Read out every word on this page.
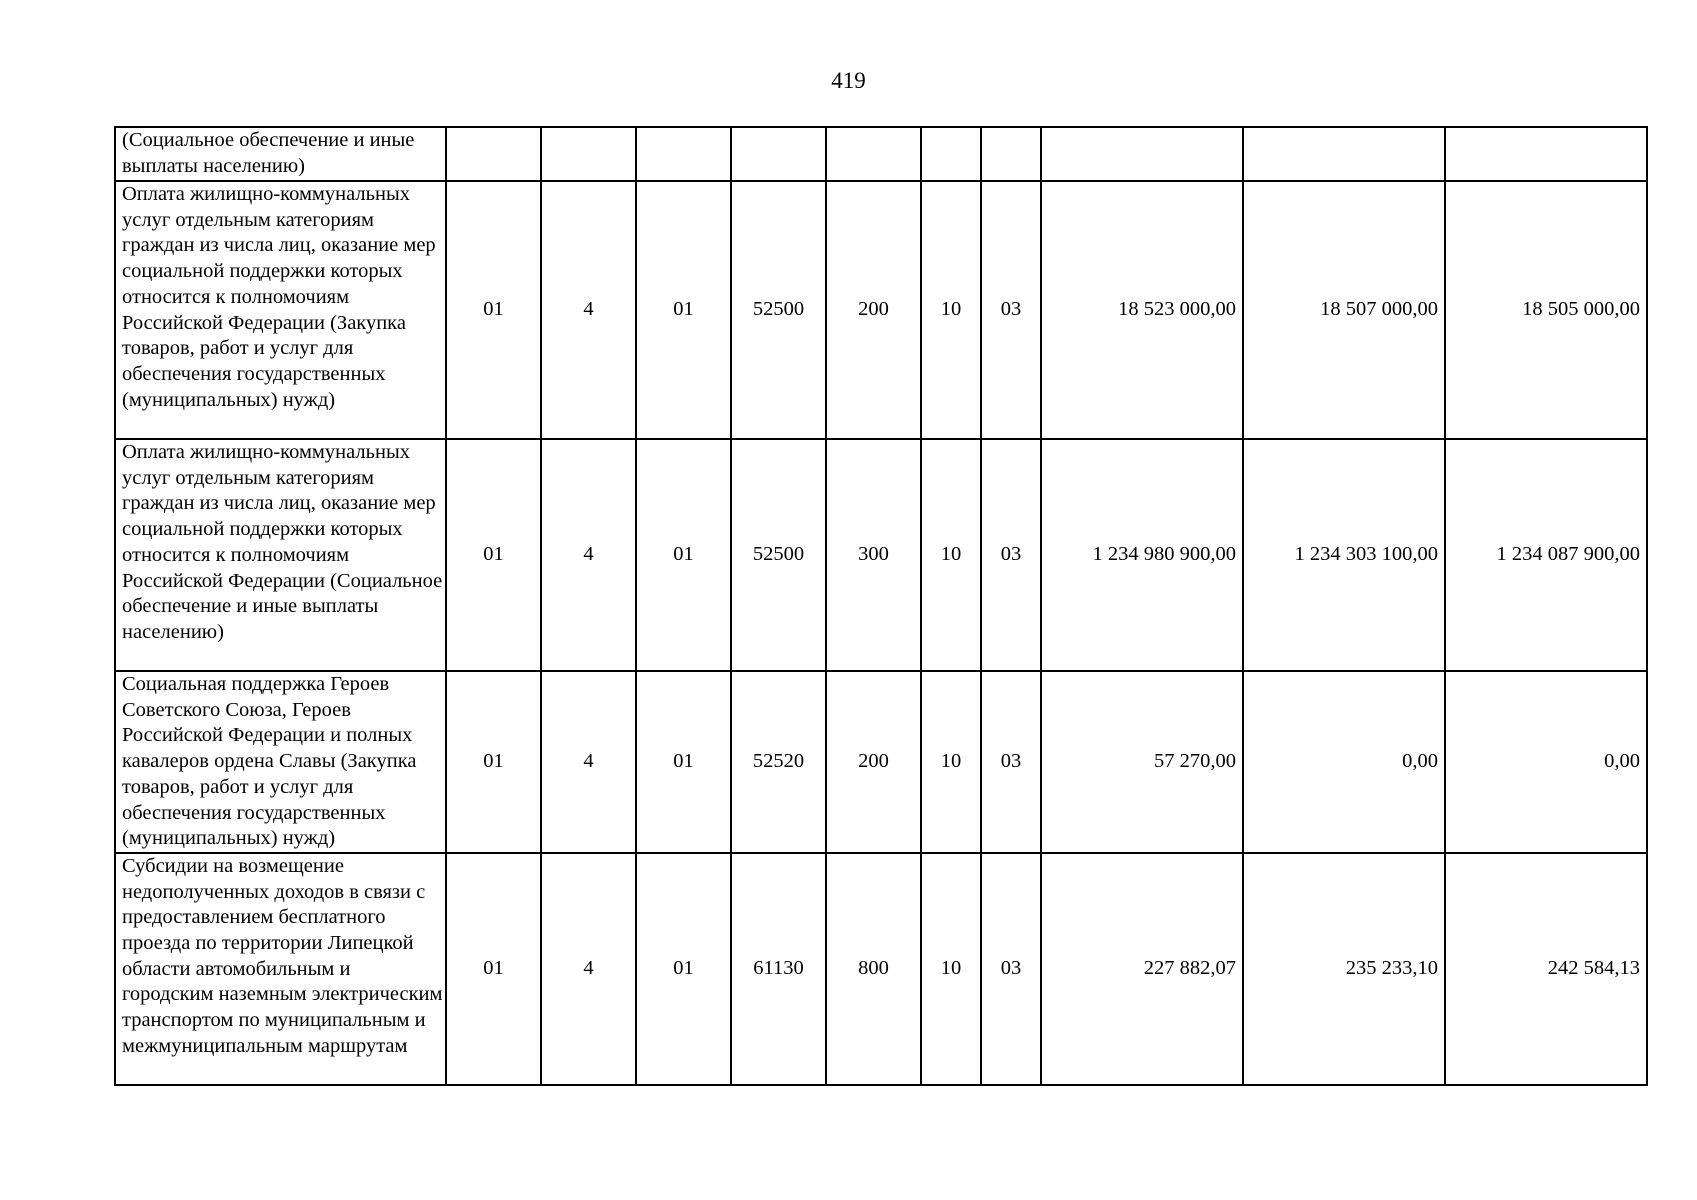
419
(Социальное обеспечение и иные выплаты населению)										
Оплата жилищно-коммунальных услуг отдельным категориям граждан из числа лиц, оказание мер социальной поддержки которых относится к полномочиям Российской Федерации (Закупка товаров, работ и услуг для обеспечения государственных (муниципальных) нужд)	01	4	01	52500	200	10	03	18 523 000,00	18 507 000,00	18 505 000,00
Оплата жилищно-коммунальных услуг отдельным категориям граждан из числа лиц, оказание мер социальной поддержки которых относится к полномочиям Российской Федерации (Социальное обеспечение и иные выплаты населению)	01	4	01	52500	300	10	03	1 234 980 900,00	1 234 303 100,00	1 234 087 900,00
Социальная поддержка Героев Советского Союза, Героев Российской Федерации и полных кавалеров ордена Славы (Закупка товаров, работ и услуг для обеспечения государственных (муниципальных) нужд)	01	4	01	52520	200	10	03	57 270,00	0,00	0,00
Субсидии на возмещение недополученных доходов в связи с предоставлением бесплатного проезда по территории Липецкой области автомобильным и городским наземным электрическим транспортом по муниципальным и межмуниципальным маршрутам	01	4	01	61130	800	10	03	227 882,07	235 233,10	242 584,13
